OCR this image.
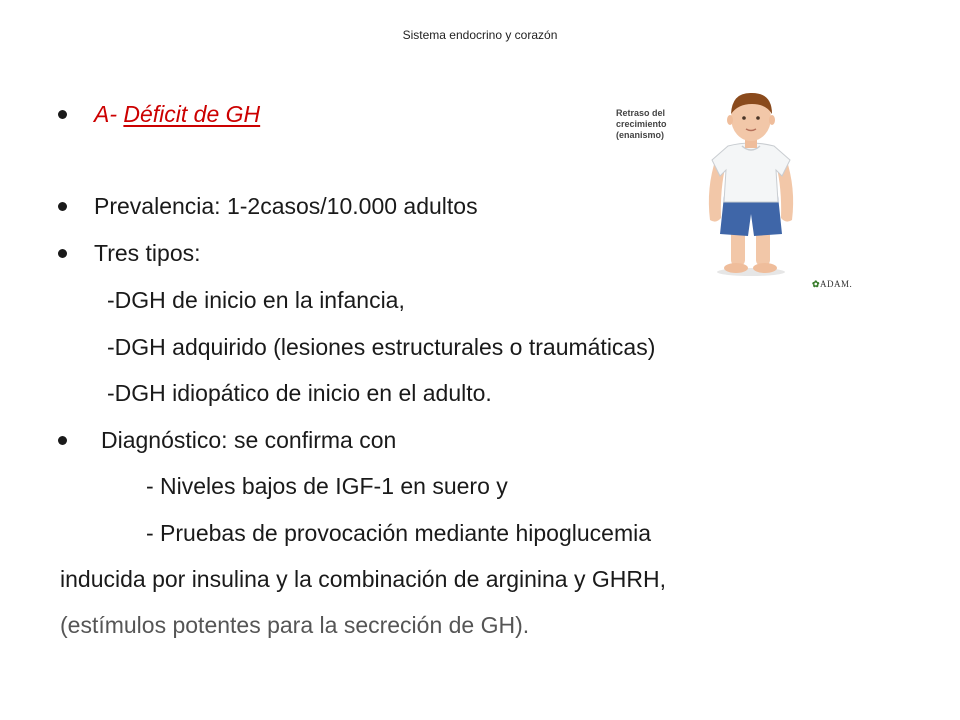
Sistema endocrino y corazón
A- Déficit de GH
Prevalencia: 1-2casos/10.000 adultos
Tres tipos:
-DGH de inicio en la infancia,
-DGH adquirido (lesiones estructurales o traumáticas)
-DGH idiopático de inicio en el adulto.
Diagnóstico: se confirma con
- Niveles bajos de IGF-1 en suero y
- Pruebas de provocación mediante hipoglucemia
inducida por insulina y la combinación de arginina y GHRH,
(estímulos potentes para la secreción de GH).
Retraso del crecimiento (enanismo)
✿ADAM.
